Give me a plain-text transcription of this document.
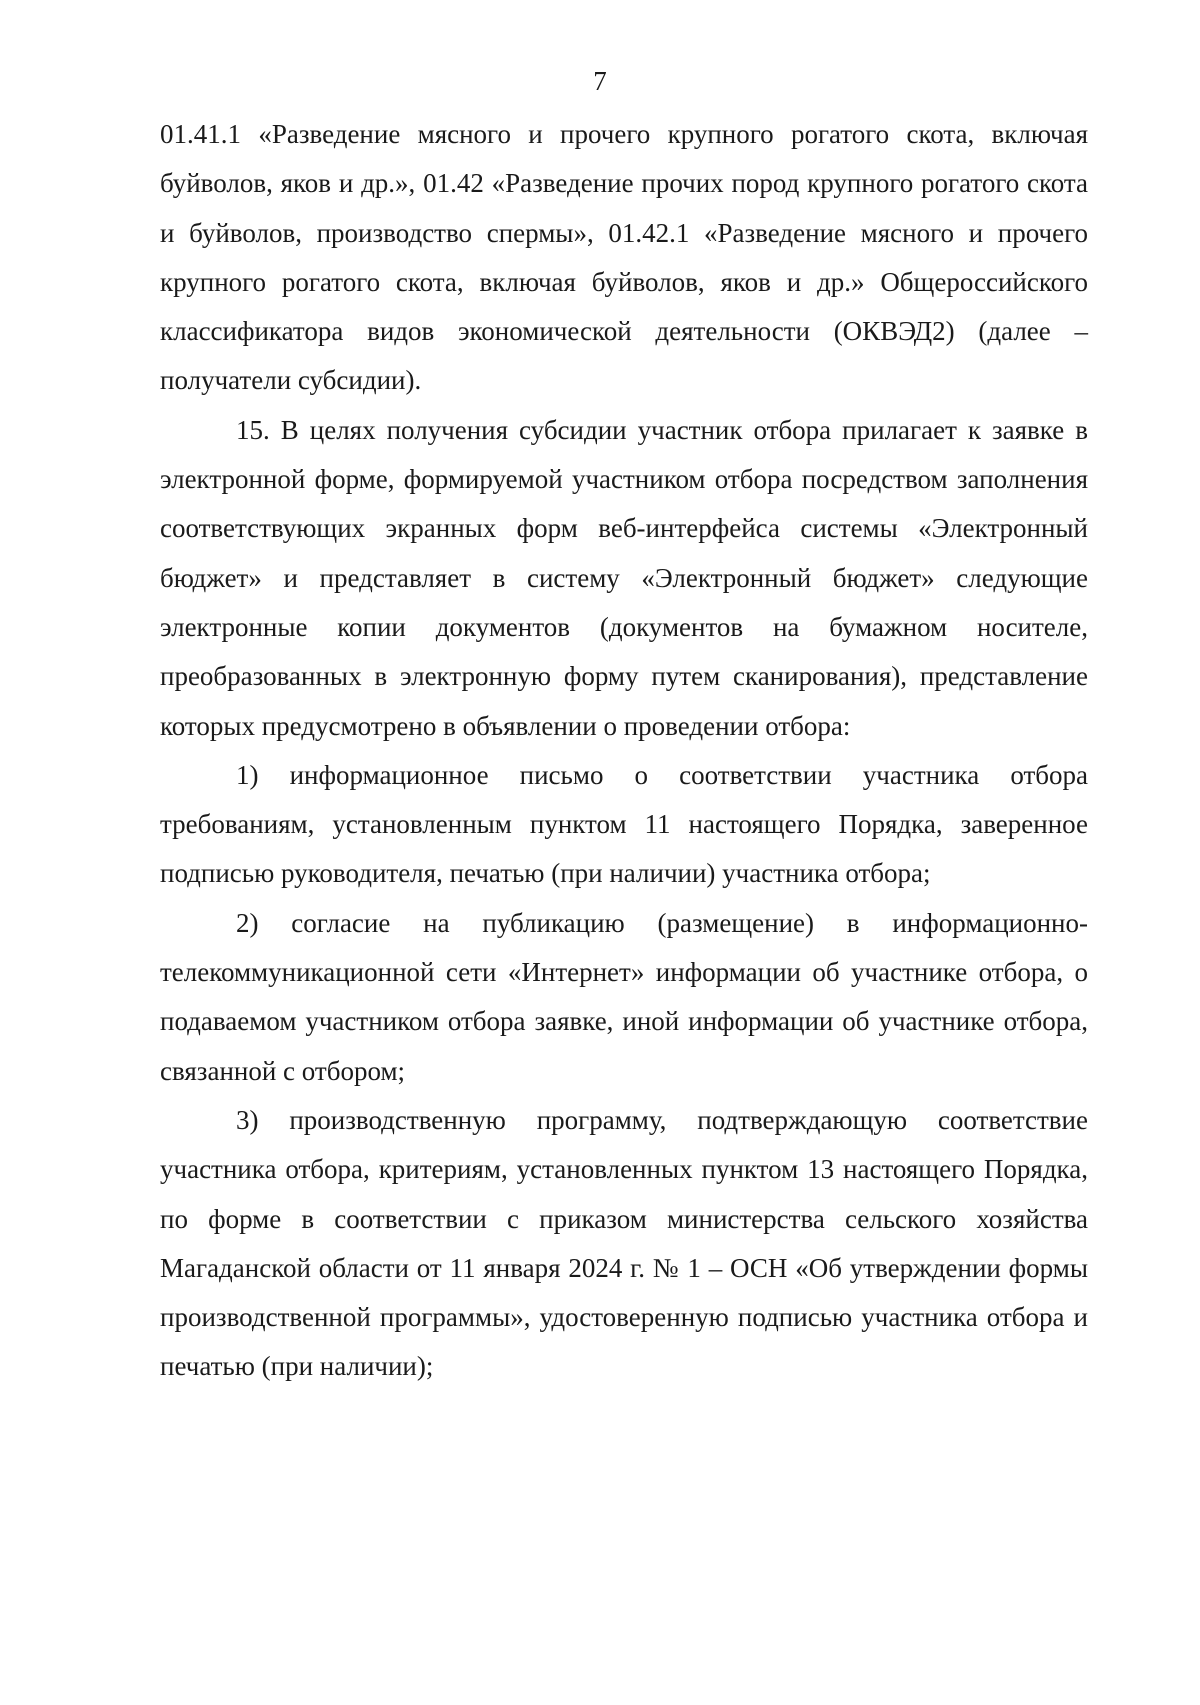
7

01.41.1 «Разведение мясного и прочего крупного рогатого скота, включая буйволов, яков и др.», 01.42 «Разведение прочих пород крупного рогатого скота и буйволов, производство спермы», 01.42.1 «Разведение мясного и прочего крупного рогатого скота, включая буйволов, яков и др.» Общероссийского классификатора видов экономической деятельности (ОКВЭД2) (далее – получатели субсидии).

15. В целях получения субсидии участник отбора прилагает к заявке в электронной форме, формируемой участником отбора посредством заполнения соответствующих экранных форм веб-интерфейса системы «Электронный бюджет» и представляет в систему «Электронный бюджет» следующие электронные копии документов (документов на бумажном носителе, преобразованных в электронную форму путем сканирования), представление которых предусмотрено в объявлении о проведении отбора:

1) информационное письмо о соответствии участника отбора требованиям, установленным пунктом 11 настоящего Порядка, заверенное подписью руководителя, печатью (при наличии) участника отбора;

2) согласие на публикацию (размещение) в информационно-телекоммуникационной сети «Интернет» информации об участнике отбора, о подаваемом участником отбора заявке, иной информации об участнике отбора, связанной с отбором;

3) производственную программу, подтверждающую соответствие участника отбора, критериям, установленных пунктом 13 настоящего Порядка, по форме в соответствии с приказом министерства сельского хозяйства Магаданской области от 11 января 2024 г. № 1 – ОСН «Об утверждении формы производственной программы», удостоверенную подписью участника отбора и печатью (при наличии);
